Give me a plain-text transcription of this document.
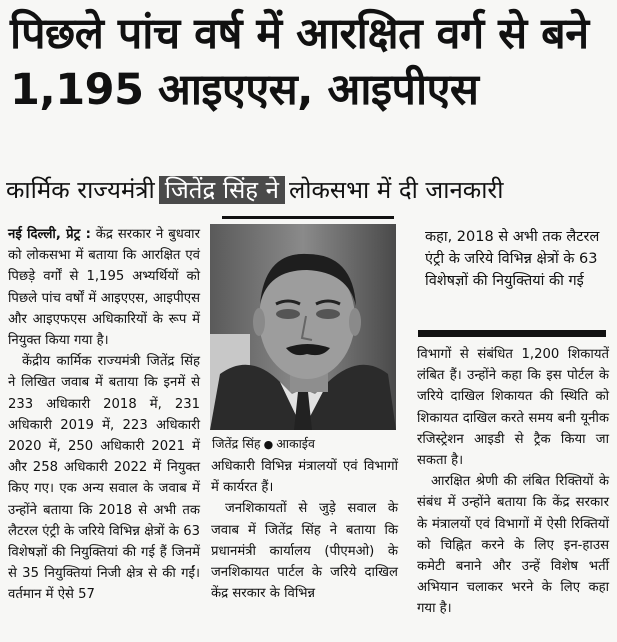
पिछले पांच वर्ष में आरक्षित वर्ग से बने 1,195 आइएएस, आइपीएस
कार्मिक राज्यमंत्री जितेंद्र सिंह ने लोकसभा में दी जानकारी

नई दिल्ली, प्रेट्र : केंद्र सरकार ने बुधवार को लोकसभा में बताया कि आरक्षित एवं पिछड़े वर्गों से 1,195 अभ्यर्थियों को पिछले पांच वर्षों में आइएएस, आइपीएस और आइएफएस अधिकारियों के रूप में नियुक्त किया गया है।

केंद्रीय कार्मिक राज्यमंत्री जितेंद्र सिंह ने लिखित जवाब में बताया कि इनमें से 233 अधिकारी 2018 में, 231 अधिकारी 2019 में, 223 अधिकारी 2020 में, 250 अधिकारी 2021 में और 258 अधिकारी 2022 में नियुक्त किए गए। एक अन्य सवाल के जवाब में उन्होंने बताया कि 2018 से अभी तक लैटरल एंट्री के जरिये विभिन्न क्षेत्रों के 63 विशेषज्ञों की नियुक्तियां की गई हैं जिनमें से 35 नियुक्तियां निजी क्षेत्र से की गईं। वर्तमान में ऐसे 57

जितेंद्र सिंह ● आकाईव

अधिकारी विभिन्न मंत्रालयों एवं विभागों में कार्यरत हैं।

जनशिकायतों से जुड़े सवाल के जवाब में जितेंद्र सिंह ने बताया कि प्रधानमंत्री कार्यालय (पीएमओ) के जनशिकायत पार्टल के जरिये दाखिल केंद्र सरकार के विभिन्न

कहा, 2018 से अभी तक लैटरल एंट्री के जरिये विभिन्न क्षेत्रों के 63 विशेषज्ञों की नियुक्तियां की गई

विभागों से संबंधित 1,200 शिकायतें लंबित हैं। उन्होंने कहा कि इस पोर्टल के जरिये दाखिल शिकायत की स्थिति को शिकायत दाखिल करते समय बनी यूनीक रजिस्ट्रेशन आइडी से ट्रैक किया जा सकता है।

आरक्षित श्रेणी की लंबित रिक्तियों के संबंध में उन्होंने बताया कि केंद्र सरकार के मंत्रालयों एवं विभागों में ऐसी रिक्तियों को चिह्नित करने के लिए इन-हाउस कमेटी बनाने और उन्हें विशेष भर्ती अभियान चलाकर भरने के लिए कहा गया है।
